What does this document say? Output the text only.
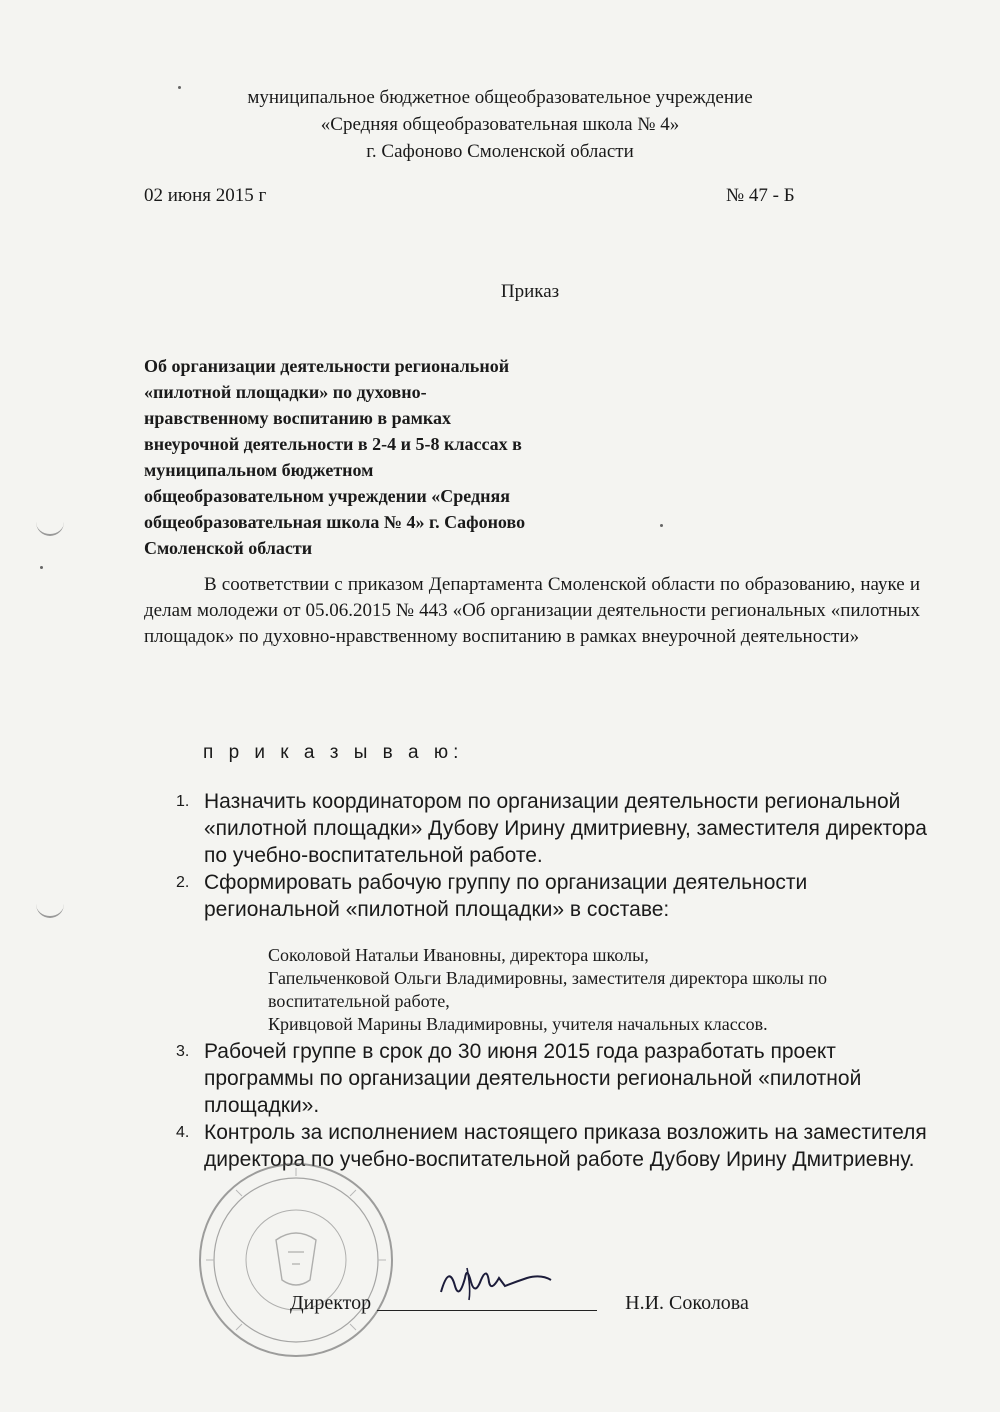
муниципальное бюджетное общеобразовательное учреждение
«Средняя общеобразовательная школа № 4»
г. Сафоново Смоленской области
02 июня 2015 г	№ 47 - Б
Приказ
Об организации деятельности региональной
«пилотной площадки» по духовно-
нравственному воспитанию в рамках
внеурочной деятельности в 2-4 и 5-8 классах в
муниципальном бюджетном
общеобразовательном учреждении «Средняя
общеобразовательная школа № 4» г. Сафоново
Смоленской области
В соответствии с приказом Департамента Смоленской области по образованию, науке и делам молодежи от 05.06.2015 № 443 «Об организации деятельности региональных «пилотных площадок» по духовно-нравственному воспитанию в рамках внеурочной деятельности»
п р и к а з ы в а ю:
1. Назначить координатором по организации деятельности региональной «пилотной площадки» Дубову Ирину дмитриевну, заместителя директора по учебно-воспитательной работе.
2. Сформировать рабочую группу по организации деятельности региональной «пилотной площадки» в составе:
Соколовой Натальи Ивановны, директора школы,
Гапельченковой Ольги Владимировны, заместителя директора школы по воспитательной работе,
Кривцовой Марины Владимировны, учителя начальных классов.
3. Рабочей группе в срок до 30 июня 2015 года разработать проект программы по организации деятельности региональной «пилотной площадки».
4. Контроль за исполнением настоящего приказа возложить на заместителя директора по учебно-воспитательной работе Дубову Ирину Дмитриевну.
Директор	Н.И. Соколова
